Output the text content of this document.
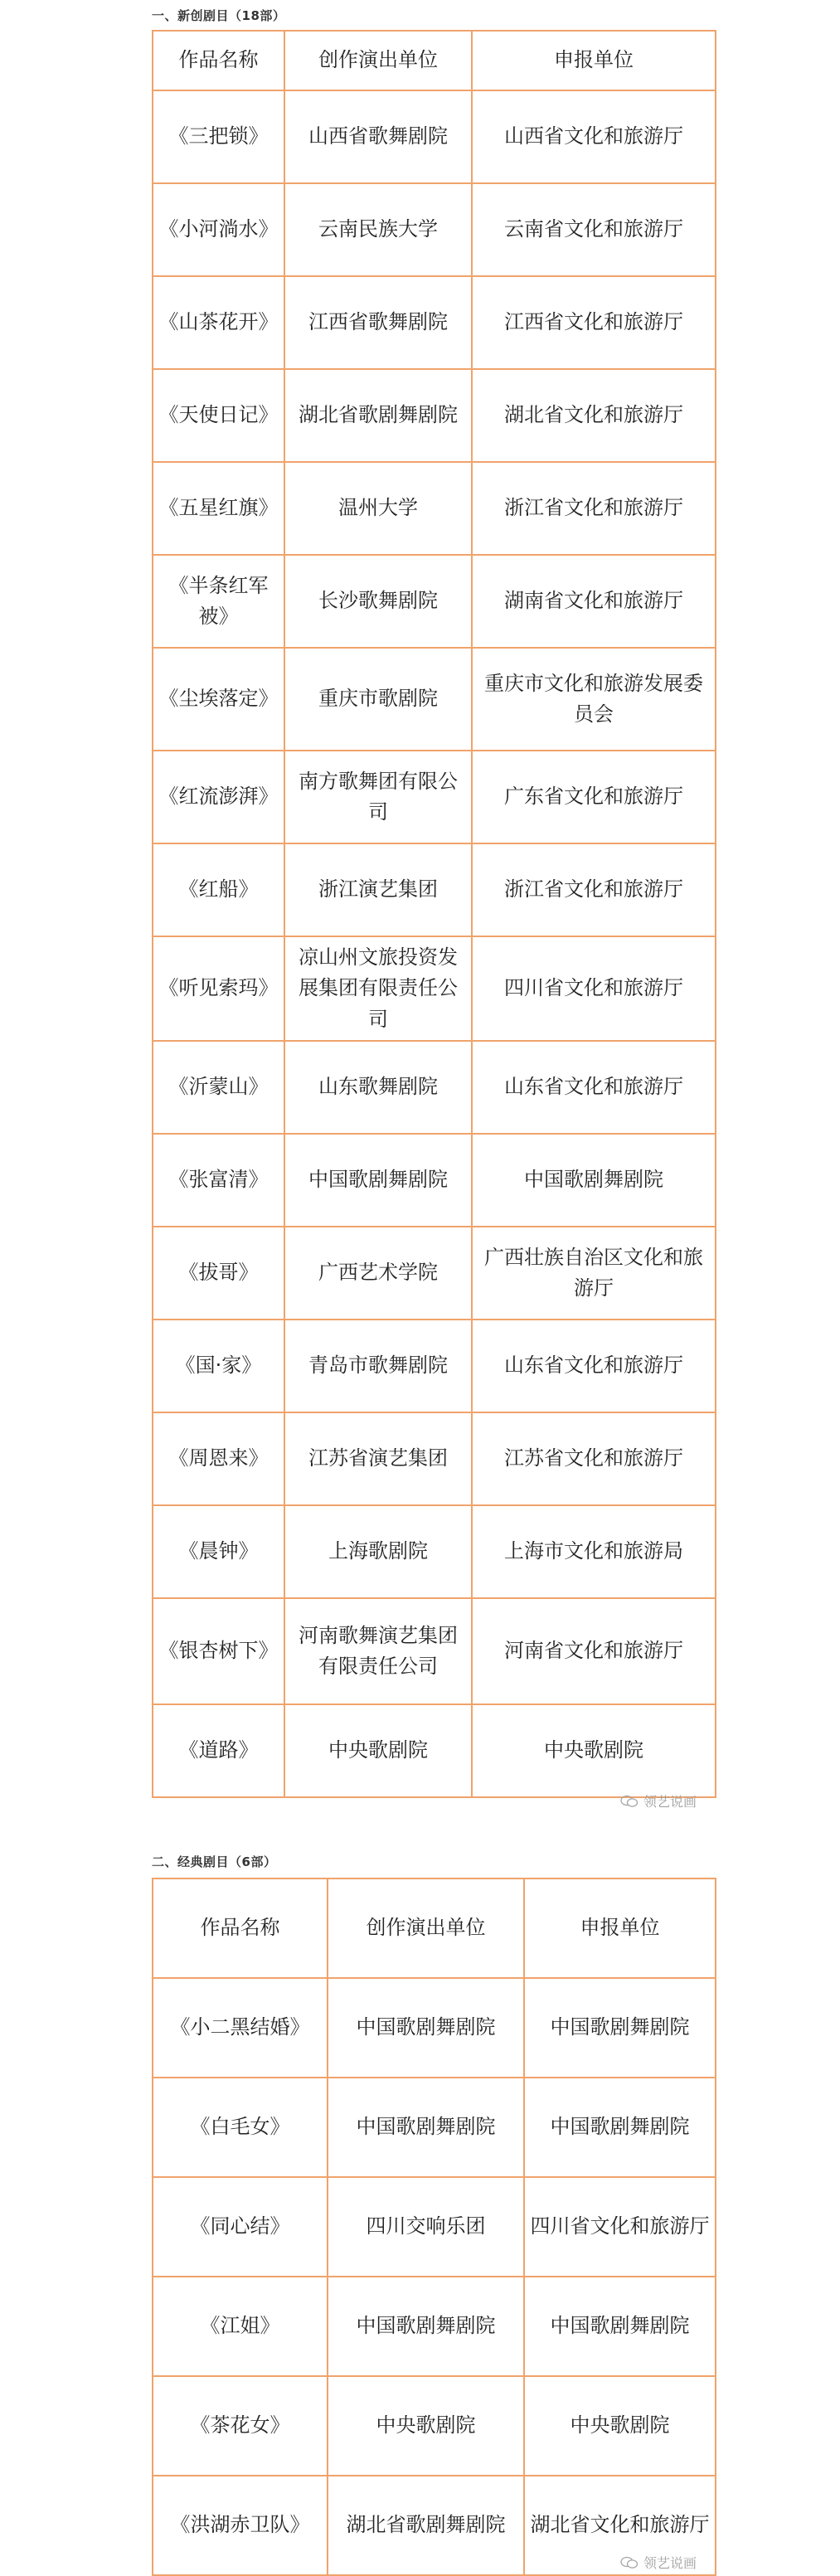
一、新创剧目（18部）
作品名称	创作演出单位	申报单位
《三把锁》	山西省歌舞剧院	山西省文化和旅游厅
《小河淌水》	云南民族大学	云南省文化和旅游厅
《山茶花开》	江西省歌舞剧院	江西省文化和旅游厅
《天使日记》	湖北省歌剧舞剧院	湖北省文化和旅游厅
《五星红旗》	温州大学	浙江省文化和旅游厅
《半条红军被》	长沙歌舞剧院	湖南省文化和旅游厅
《尘埃落定》	重庆市歌剧院	重庆市文化和旅游发展委员会
《红流澎湃》	南方歌舞团有限公司	广东省文化和旅游厅
《红船》	浙江演艺集团	浙江省文化和旅游厅
《听见索玛》	凉山州文旅投资发展集团有限责任公司	四川省文化和旅游厅
《沂蒙山》	山东歌舞剧院	山东省文化和旅游厅
《张富清》	中国歌剧舞剧院	中国歌剧舞剧院
《拔哥》	广西艺术学院	广西壮族自治区文化和旅游厅
《国·家》	青岛市歌舞剧院	山东省文化和旅游厅
《周恩来》	江苏省演艺集团	江苏省文化和旅游厅
《晨钟》	上海歌剧院	上海市文化和旅游局
《银杏树下》	河南歌舞演艺集团有限责任公司	河南省文化和旅游厅
《道路》	中央歌剧院	中央歌剧院
领艺说画
二、经典剧目（6部）
作品名称	创作演出单位	申报单位
《小二黑结婚》	中国歌剧舞剧院	中国歌剧舞剧院
《白毛女》	中国歌剧舞剧院	中国歌剧舞剧院
《同心结》	四川交响乐团	四川省文化和旅游厅
《江姐》	中国歌剧舞剧院	中国歌剧舞剧院
《茶花女》	中央歌剧院	中央歌剧院
《洪湖赤卫队》	湖北省歌剧舞剧院	湖北省文化和旅游厅
领艺说画
